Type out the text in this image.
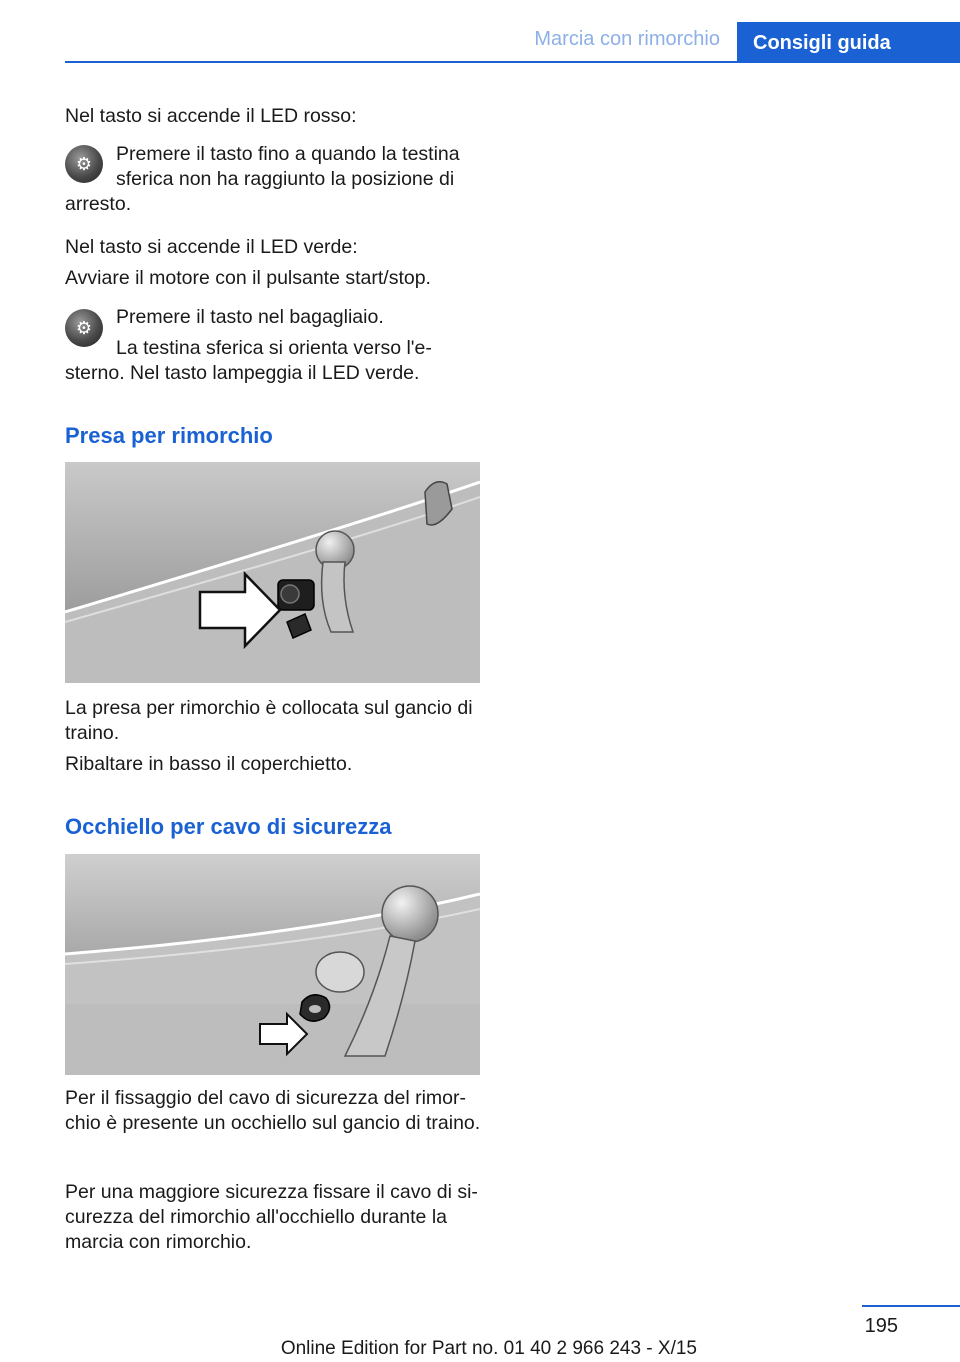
Marcia con rimorchio	Consigli guida

Nel tasto si accende il LED rosso:

⚙ Premere il tasto fino a quando la testina sferica non ha raggiunto la posizione di

arresto.

Nel tasto si accende il LED verde:

Avviare il motore con il pulsante start/stop.

⚙ Premere il tasto nel bagagliaio.

La testina sferica si orienta verso l'e-

sterno. Nel tasto lampeggia il LED verde.

Presa per rimorchio

La presa per rimorchio è collocata sul gancio di traino.

Ribaltare in basso il coperchietto.

Occhiello per cavo di sicurezza

Per il fissaggio del cavo di sicurezza del rimor-chio è presente un occhiello sul gancio di traino.

Per una maggiore sicurezza fissare il cavo di si-curezza del rimorchio all'occhiello durante la marcia con rimorchio.

195
Online Edition for Part no. 01 40 2 966 243 - X/15
